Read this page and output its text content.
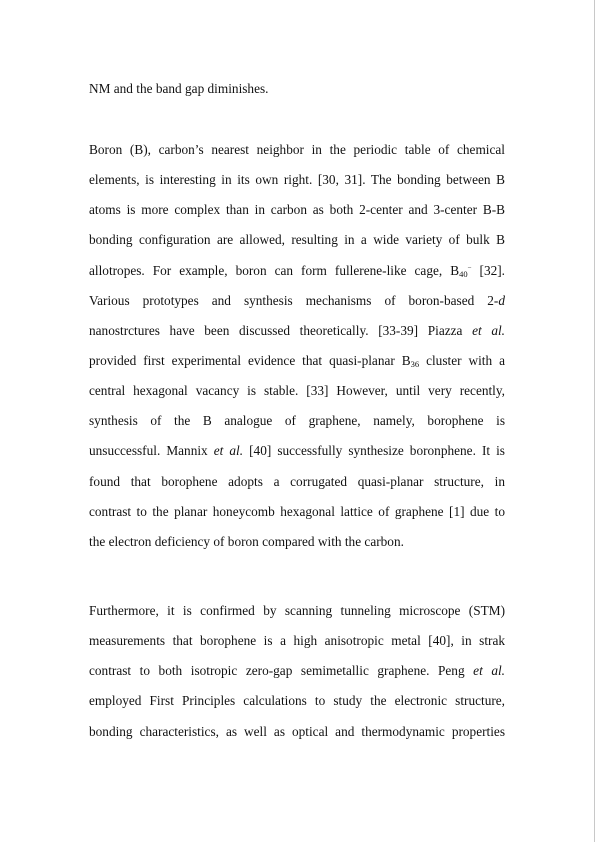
NM and the band gap diminishes.
Boron (B), carbon’s nearest neighbor in the periodic table of chemical
elements, is interesting in its own right. [30, 31]. The bonding between B
atoms is more complex than in carbon as both 2-center and 3-center B-B
bonding configuration are allowed, resulting in a wide variety of bulk B
allotropes. For example, boron can form fullerene-like cage, $B_{40}^-$ [32].
Various prototypes and synthesis mechanisms of boron-based 2-d
nanostrctures have been discussed theoretically. [33-39] Piazza et al.
provided first experimental evidence that quasi-planar $B_{36}$ cluster with a
central hexagonal vacancy is stable. [33] However, until very recently,
synthesis of the B analogue of graphene, namely, borophene is
unsuccessful. Mannix et al. [40] successfully synthesize boronphene. It is
found that borophene adopts a corrugated quasi-planar structure, in
contrast to the planar honeycomb hexagonal lattice of graphene [1] due to
the electron deficiency of boron compared with the carbon.
Furthermore, it is confirmed by scanning tunneling microscope (STM)
measurements that borophene is a high anisotropic metal [40], in strak
contrast to both isotropic zero-gap semimetallic graphene. Peng et al.
employed First Principles calculations to study the electronic structure,
bonding characteristics, as well as optical and thermodynamic properties
